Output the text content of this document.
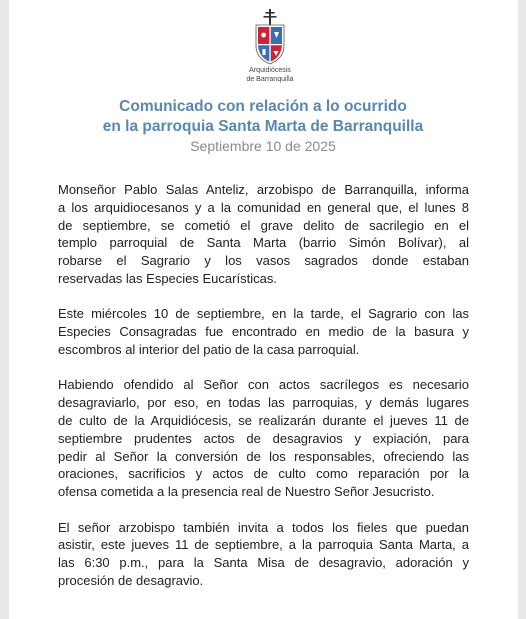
Arquidiócesis
de Barranquilla
Comunicado con relación a lo ocurrido
en la parroquia Santa Marta de Barranquilla
Septiembre 10 de 2025
Monseñor Pablo Salas Anteliz, arzobispo de Barranquilla, informa
a los arquidiocesanos y a la comunidad en general que, el lunes 8
de septiembre, se cometió el grave delito de sacrilegio en el
templo parroquial de Santa Marta (barrio Simón Bolívar), al
robarse el Sagrario y los vasos sagrados donde estaban
reservadas las Especies Eucarísticas.
Este miércoles 10 de septiembre, en la tarde, el Sagrario con las
Especies Consagradas fue encontrado en medio de la basura y
escombros al interior del patio de la casa parroquial.
Habiendo ofendido al Señor con actos sacrílegos es necesario
desagraviarlo, por eso, en todas las parroquias, y demás lugares
de culto de la Arquidiócesis, se realizarán durante el jueves 11 de
septiembre prudentes actos de desagravios y expiación, para
pedir al Señor la conversión de los responsables, ofreciendo las
oraciones, sacrificios y actos de culto como reparación por la
ofensa cometida a la presencia real de Nuestro Señor Jesucristo.
El señor arzobispo también invita a todos los fieles que puedan
asistir, este jueves 11 de septiembre, a la parroquia Santa Marta, a
las 6:30 p.m., para la Santa Misa de desagravio, adoración y
procesión de desagravio.
